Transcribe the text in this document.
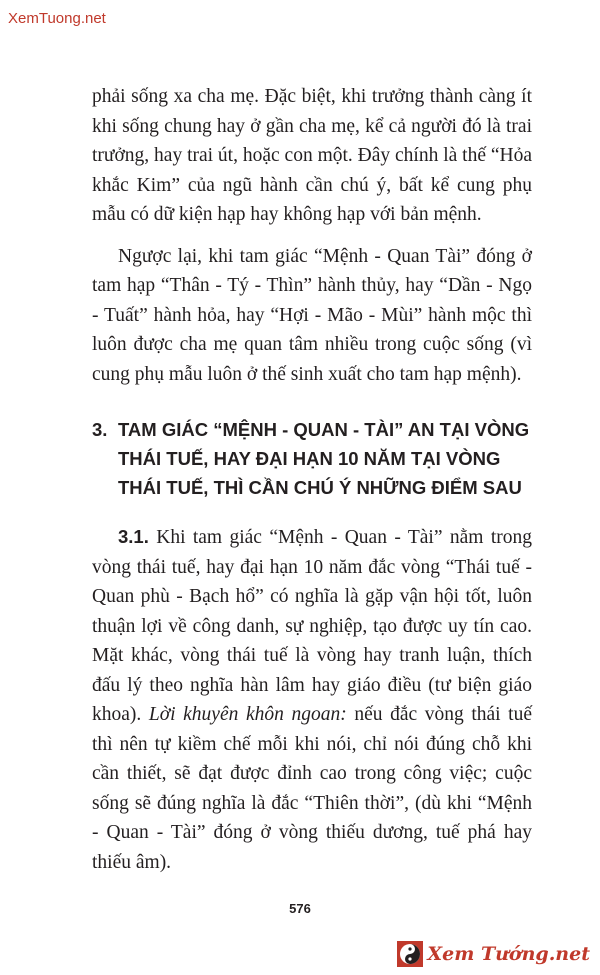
XemTuong.net

phải sống xa cha mẹ. Đặc biệt, khi trưởng thành càng ít khi sống chung hay ở gần cha mẹ, kể cả người đó là trai trưởng, hay trai út, hoặc con một. Đây chính là thế “Hỏa khắc Kim” của ngũ hành cần chú ý, bất kể cung phụ mẫu có dữ kiện hạp hay không hạp với bản mệnh.

Ngược lại, khi tam giác “Mệnh - Quan Tài” đóng ở tam hạp “Thân - Tý - Thìn” hành thủy, hay “Dần - Ngọ - Tuất” hành hỏa, hay “Hợi - Mão - Mùi” hành mộc thì luôn được cha mẹ quan tâm nhiều trong cuộc sống (vì cung phụ mẫu luôn ở thế sinh xuất cho tam hạp mệnh).

3. TAM GIÁC “MỆNH - QUAN - TÀI” AN TẠI VÒNG THÁI TUẾ, HAY ĐẠI HẠN 10 NĂM TẠI VÒNG THÁI TUẾ, THÌ CẦN CHÚ Ý NHỮNG ĐIỂM SAU

3.1. Khi tam giác “Mệnh - Quan - Tài” nằm trong vòng thái tuế, hay đại hạn 10 năm đắc vòng “Thái tuế - Quan phù - Bạch hổ” có nghĩa là gặp vận hội tốt, luôn thuận lợi về công danh, sự nghiệp, tạo được uy tín cao. Mặt khác, vòng thái tuế là vòng hay tranh luận, thích đấu lý theo nghĩa hàn lâm hay giáo điều (tư biện giáo khoa). Lời khuyên khôn ngoan: nếu đắc vòng thái tuế thì nên tự kiềm chế mỗi khi nói, chỉ nói đúng chỗ khi cần thiết, sẽ đạt được đỉnh cao trong công việc; cuộc sống sẽ đúng nghĩa là đắc “Thiên thời”, (dù khi “Mệnh - Quan - Tài” đóng ở vòng thiếu dương, tuế phá hay thiếu âm).

576
Xem Tướng.net
